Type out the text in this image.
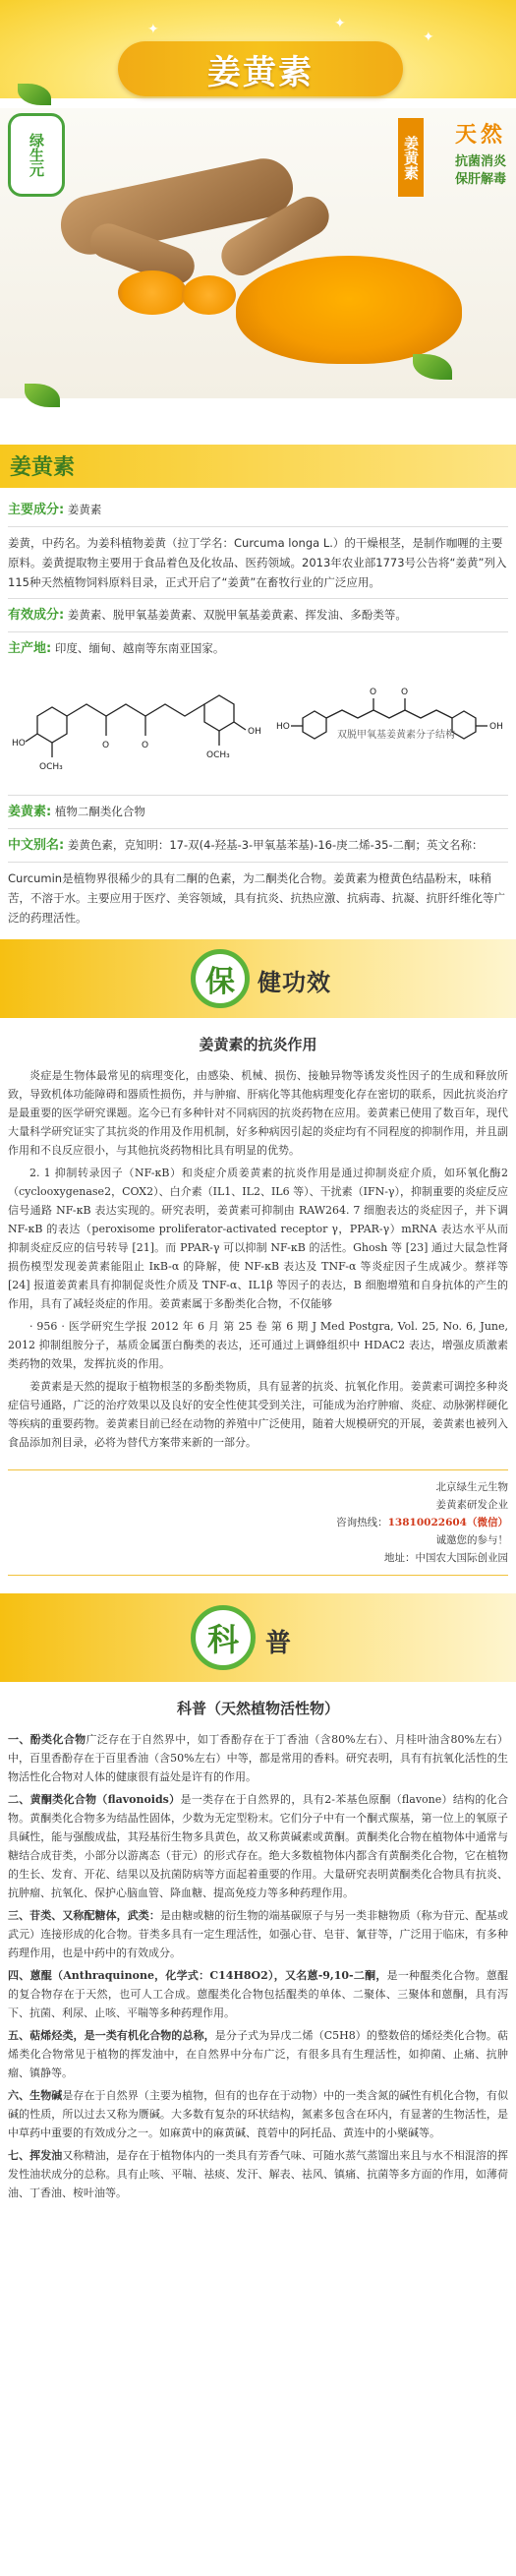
✦	✦
✦
姜黄素
绿生元	姜黄素
天然
抗菌消炎
保肝解毒
姜黄素

主要成分: 姜黄素

姜黄，中药名。为姜科植物姜黄（拉丁学名：Curcuma longa L.）的干燥根茎，是制作咖喱的主要原料。姜黄提取物主要用于食品着色及化妆品、医药领域。2013年农业部1773号公告将“姜黄”列入115种天然植物饲料原料目录，正式开启了“姜黄”在畜牧行业的广泛应用。

有效成分: 姜黄素、脱甲氧基姜黄素、双脱甲氧基姜黄素、挥发油、多酚类等。

主产地: 印度、缅甸、越南等东南亚国家。

HO
OCH₃
OH
OCH₃
O	O
HO	OH
O	O
双脱甲氧基姜黄素分子结构

姜黄素: 植物二酮类化合物

中文别名: 姜黄色素，克知明：17-双(4-羟基-3-甲氧基苯基)-16-庚二烯-35-二酮；英文名称：

Curcumin是植物界很稀少的具有二酮的色素，为二酮类化合物。姜黄素为橙黄色结晶粉末，味稍苦，不溶于水。主要应用于医疗、美容领域，具有抗炎、抗热应激、抗病毒、抗凝、抗肝纤维化等广泛的药理活性。

保 健功效
姜黄素的抗炎作用

炎症是生物体最常见的病理变化，由感染、机械、损伤、接触异物等诱发炎性因子的生成和释放所致，导致机体功能障碍和器质性损伤，并与肿瘤、肝病化等其他病理变化存在密切的联系，因此抗炎治疗是最重要的医学研究课题。迄今已有多种针对不同病因的抗炎药物在应用。姜黄素已使用了数百年，现代大量科学研究证实了其抗炎的作用及作用机制，好多种病因引起的炎症均有不同程度的抑制作用，并且副作用和不良反应很小，与其他抗炎药物相比具有明显的优势。

2. 1 抑制转录因子（NF-κB）和炎症介质姜黄素的抗炎作用是通过抑制炎症介质，如环氧化酶2（cyclooxygenase2，COX2）、白介素（IL1、IL2、IL6 等）、干扰素（IFN-γ），抑制重要的炎症反应信号通路 NF-κB 表达实现的。研究表明，姜黄素可抑制由 RAW264. 7 细胞表达的炎症因子，并下调 NF-κB 的表达（peroxisome proliferator-activated receptor γ，PPAR-γ）mRNA 表达水平从而抑制炎症反应的信号转导 [21]。而 PPAR-γ 可以抑制 NF-κB 的活性。Ghosh 等 [23] 通过大鼠急性肾损伤模型发现姜黄素能阻止 IκB-α 的降解，使 NF-κB 表达及 TNF-α 等炎症因子生成减少。蔡祥等 [24] 报道姜黄素具有抑制促炎性介质及 TNF-α、IL1β 等因子的表达，B 细胞增殖和自身抗体的产生的作用，具有了减轻炎症的作用。姜黄素属于多酚类化合物，不仅能够

· 956 · 医学研究生学报 2012 年 6 月 第 25 卷 第 6 期 J Med Postgra, Vol. 25, No. 6, June, 2012 抑制组胺分子，基质金属蛋白酶类的表达，还可通过上调蜂组织中 HDAC2 表达，增强皮质激素类药物的效果，发挥抗炎的作用。

姜黄素是天然的提取于植物根茎的多酚类物质，具有显著的抗炎、抗氧化作用。姜黄素可调控多种炎症信号通路，广泛的治疗效果以及良好的安全性使其受到关注，可能成为治疗肿瘤、炎症、动脉粥样硬化等疾病的重要药物。姜黄素目前已经在动物的养殖中广泛使用，随着大规模研究的开展，姜黄素也被列入食品添加剂目录，必将为替代方案带来新的一部分。

北京绿生元生物
姜黄素研发企业
咨询热线：13810022604（微信）
诚邀您的参与！
地址：中国农大国际创业园
科 普
科普（天然植物活性物）

一、酚类化合物广泛存在于自然界中，如丁香酚存在于丁香油（含80%左右）、月桂叶油含80%左右）中，百里香酚存在于百里香油（含50%左右）中等，都是常用的香料。研究表明，具有有抗氧化活性的生物活性化合物对人体的健康很有益处是许有的作用。

二、黄酮类化合物（flavonoids）是一类存在于自然界的，具有2-苯基色原酮（flavone）结构的化合物。黄酮类化合物多为结晶性固体，少数为无定型粉末。它们分子中有一个酮式羰基，第一位上的氧原子具碱性，能与强酸成盐，其羟基衍生物多具黄色，故又称黄碱素或黄酮。黄酮类化合物在植物体中通常与糖结合成苷类，小部分以游离态（苷元）的形式存在。绝大多数植物体内都含有黄酮类化合物，它在植物的生长、发育、开花、结果以及抗菌防病等方面起着重要的作用。大量研究表明黄酮类化合物具有抗炎、抗肿瘤、抗氧化、保护心脑血管、降血糖、提高免疫力等多种药理作用。

三、苷类、又称配糖体，武类：是由糖或糖的衍生物的端基碳原子与另一类非糖物质（称为苷元、配基或武元）连接形成的化合物。苷类多具有一定生理活性，如强心苷、皂苷、氰苷等，广泛用于临床，有多种药理作用，也是中药中的有效成分。

四、蒽醌（Anthraquinone，化学式：C14H8O2），又名蒽-9,10-二酮，是一种醌类化合物。蒽醌的复合物存在于天然，也可人工合成。蒽醌类化合物包括醌类的单体、二聚体、三聚体和蒽酮，具有泻下、抗菌、利尿、止咳、平喘等多种药理作用。

五、萜烯烃类，是一类有机化合物的总称，是分子式为异戊二烯（C5H8）的整数倍的烯烃类化合物。萜烯类化合物常见于植物的挥发油中，在自然界中分布广泛，有很多具有生理活性，如抑菌、止痛、抗肿瘤、镇静等。

六、生物碱是存在于自然界（主要为植物，但有的也存在于动物）中的一类含氮的碱性有机化合物，有似碱的性质，所以过去又称为赝碱。大多数有复杂的环状结构，氮素多包含在环内，有显著的生物活性，是中草药中重要的有效成分之一。如麻黄中的麻黄碱、莨菪中的阿托品、黄连中的小檗碱等。

七、挥发油又称精油，是存在于植物体内的一类具有芳香气味、可随水蒸气蒸馏出来且与水不相混溶的挥发性油状成分的总称。具有止咳、平喘、祛痰、发汗、解表、祛风、镇痛、抗菌等多方面的作用，如薄荷油、丁香油、桉叶油等。
